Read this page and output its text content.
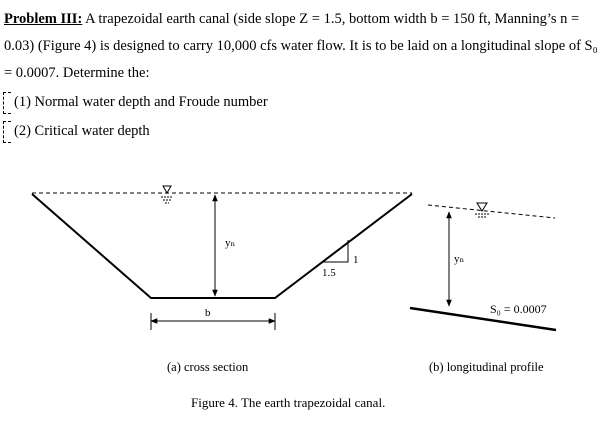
Problem III: A trapezoidal earth canal (side slope Z = 1.5, bottom width b = 150 ft, Manning’s n = 0.03) (Figure 4) is designed to carry 10,000 cfs water flow. It is to be laid on a longitudinal slope of S₀ = 0.0007. Determine the:
(1) Normal water depth and Froude number
(2) Critical water depth
yₙ
b
1
1.5
yₙ
S₀ = 0.0007
(a) cross section	(b) longitudinal profile
Figure 4. The earth trapezoidal canal.
